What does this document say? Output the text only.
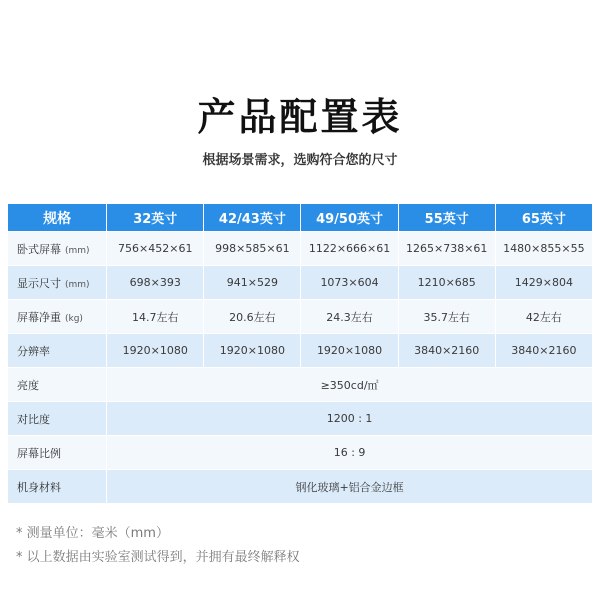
产品配置表
根据场景需求，选购符合您的尺寸
规格	32英寸	42/43英寸	49/50英寸	55英寸	65英寸
卧式屏幕 (mm)	756×452×61	998×585×61	1122×666×61	1265×738×61	1480×855×55
显示尺寸 (mm)	698×393	941×529	1073×604	1210×685	1429×804
屏幕净重 (kg)	14.7左右	20.6左右	24.3左右	35.7左右	42左右
分辨率	1920×1080	1920×1080	1920×1080	3840×2160	3840×2160
亮度	≥350cd/㎡				
对比度	1200 : 1				
屏幕比例	16 : 9				
机身材料	钢化玻璃+铝合金边框				
* 测量单位：毫米（mm）
* 以上数据由实验室测试得到，并拥有最终解释权
